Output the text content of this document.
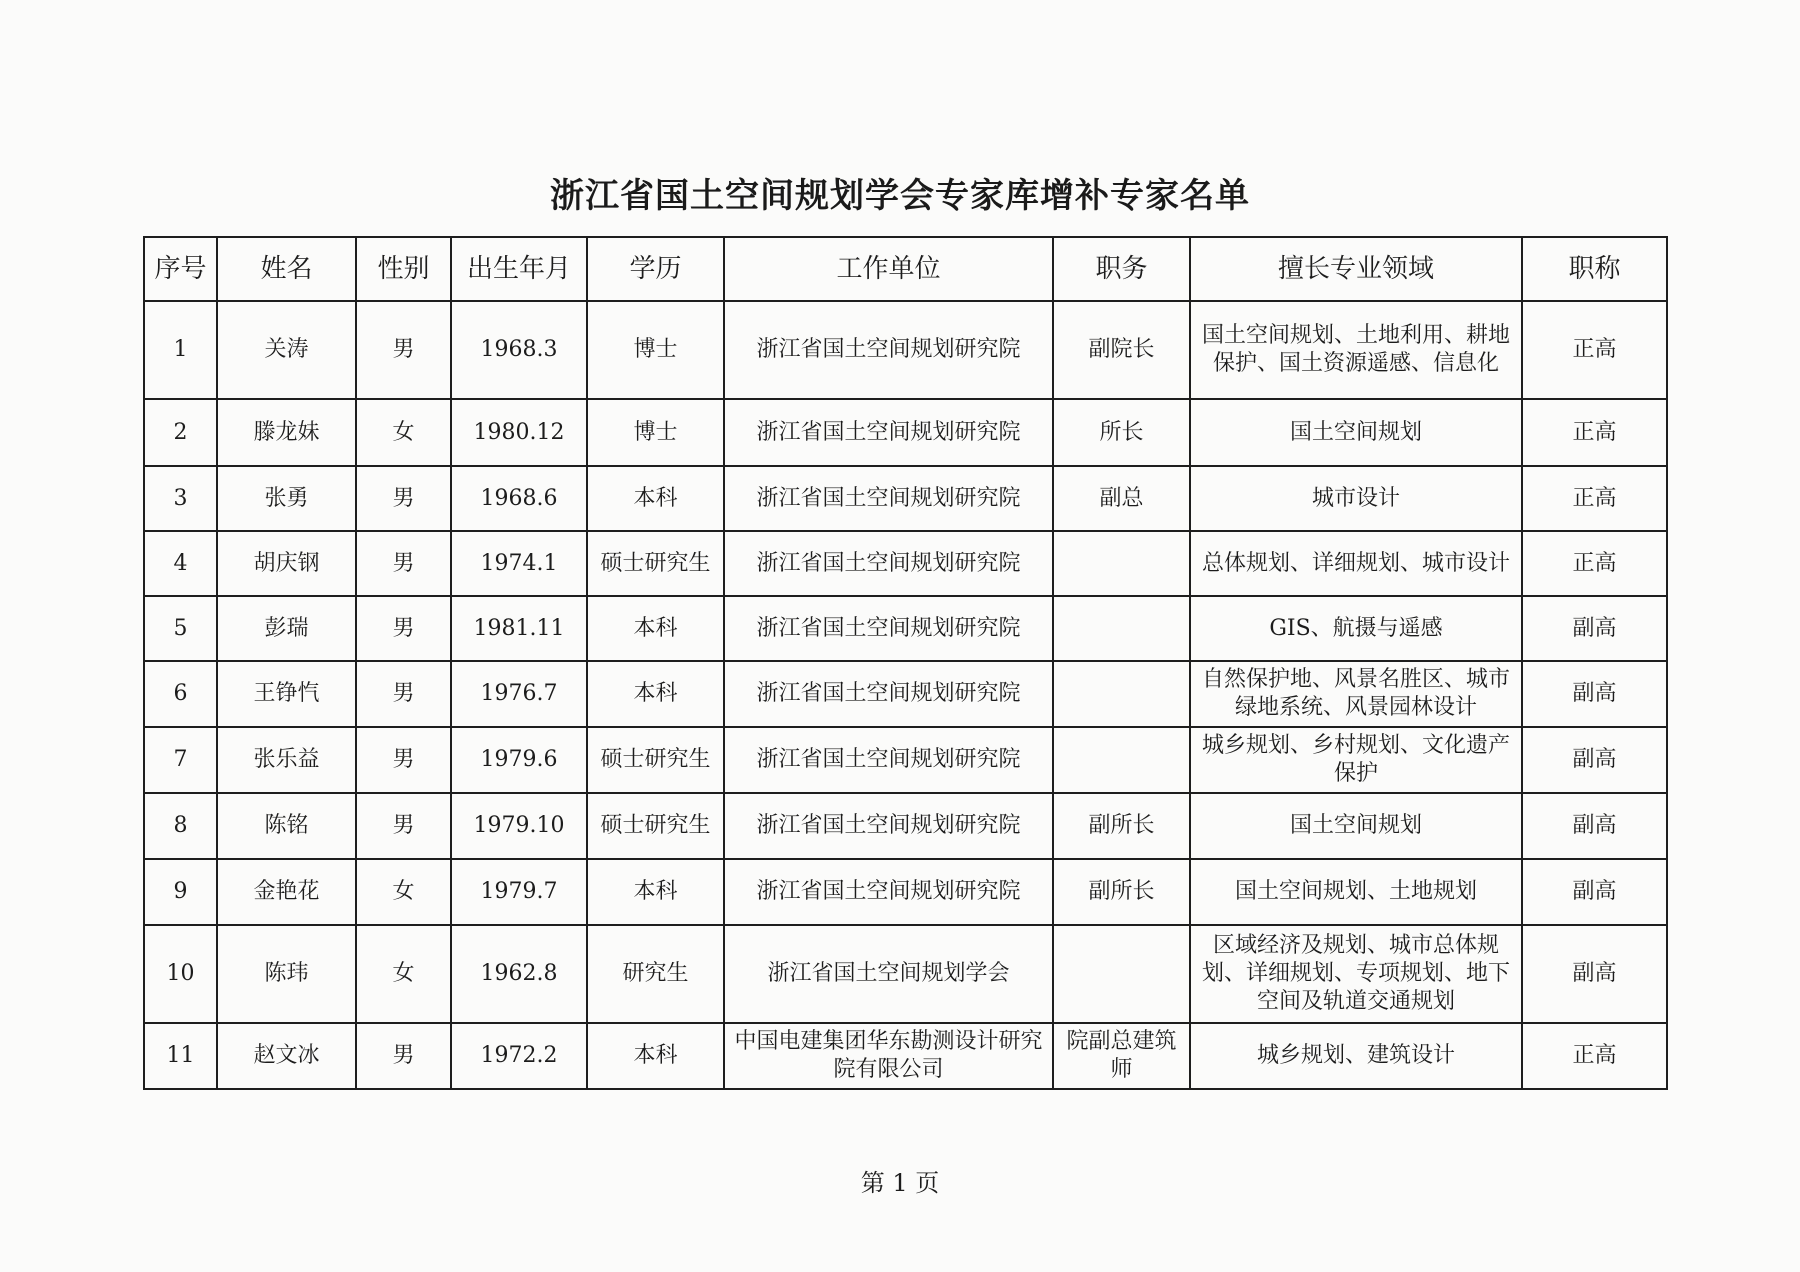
浙江省国土空间规划学会专家库增补专家名单
序号	姓名	性别	出生年月	学历	工作单位	职务	擅长专业领域	职称
1	关涛	男	1968.3	博士	浙江省国土空间规划研究院	副院长	国土空间规划、土地利用、耕地保护、国土资源遥感、信息化	正高
2	滕龙妹	女	1980.12	博士	浙江省国土空间规划研究院	所长	国土空间规划	正高
3	张勇	男	1968.6	本科	浙江省国土空间规划研究院	副总	城市设计	正高
4	胡庆钢	男	1974.1	硕士研究生	浙江省国土空间规划研究院		总体规划、详细规划、城市设计	正高
5	彭瑞	男	1981.11	本科	浙江省国土空间规划研究院		GIS、航摄与遥感	副高
6	王铮忾	男	1976.7	本科	浙江省国土空间规划研究院		自然保护地、风景名胜区、城市绿地系统、风景园林设计	副高
7	张乐益	男	1979.6	硕士研究生	浙江省国土空间规划研究院		城乡规划、乡村规划、文化遗产保护	副高
8	陈铭	男	1979.10	硕士研究生	浙江省国土空间规划研究院	副所长	国土空间规划	副高
9	金艳花	女	1979.7	本科	浙江省国土空间规划研究院	副所长	国土空间规划、土地规划	副高
10	陈玮	女	1962.8	研究生	浙江省国土空间规划学会		区域经济及规划、城市总体规划、详细规划、专项规划、地下空间及轨道交通规划	副高
11	赵文冰	男	1972.2	本科	中国电建集团华东勘测设计研究院有限公司	院副总建筑师	城乡规划、建筑设计	正高
第 1 页
